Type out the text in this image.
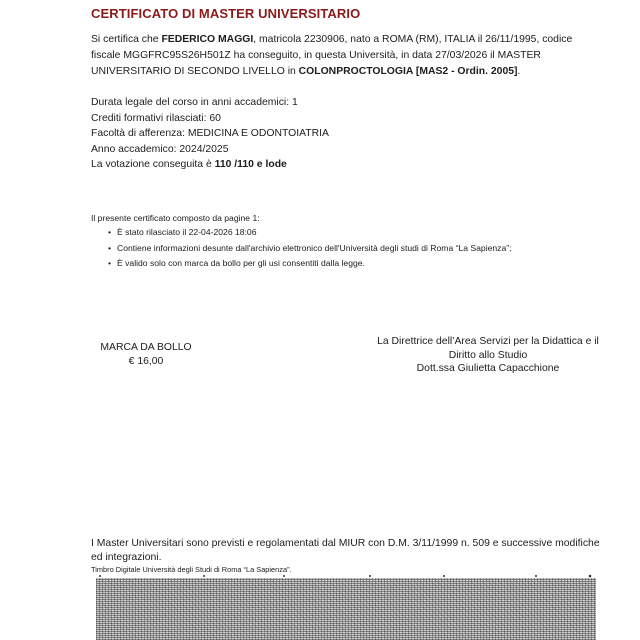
CERTIFICATO DI MASTER UNIVERSITARIO
Si certifica che FEDERICO MAGGI, matricola 2230906, nato a ROMA (RM), ITALIA il 26/11/1995, codice fiscale MGGFRC95S26H501Z ha conseguito, in questa Università, in data 27/03/2026 il MASTER UNIVERSITARIO DI SECONDO LIVELLO in COLONPROCTOLOGIA [MAS2 - Ordin. 2005].
Durata legale del corso in anni accademici: 1
Crediti formativi rilasciati: 60
Facoltà di afferenza: MEDICINA E ODONTOIATRIA
Anno accademico: 2024/2025
La votazione conseguita è 110 /110 e lode
Il presente certificato composto da pagine 1:
• È stato rilasciato il 22-04-2026 18:06
• Contiene informazioni desunte dall'archivio elettronico dell'Università degli studi di Roma “La Sapienza”;
• È valido solo con marca da bollo per gli usi consentiti dalla legge.
MARCA DA BOLLO
€ 16,00
La Direttrice dell’Area Servizi per la Didattica e il
Diritto allo Studio
Dott.ssa Giulietta Capacchione
I Master Universitari sono previsti e regolamentati dal MIUR con D.M. 3/11/1999 n. 509 e successive modifiche ed integrazioni.
Timbro Digitale Università degli Studi di Roma “La Sapienza”.
